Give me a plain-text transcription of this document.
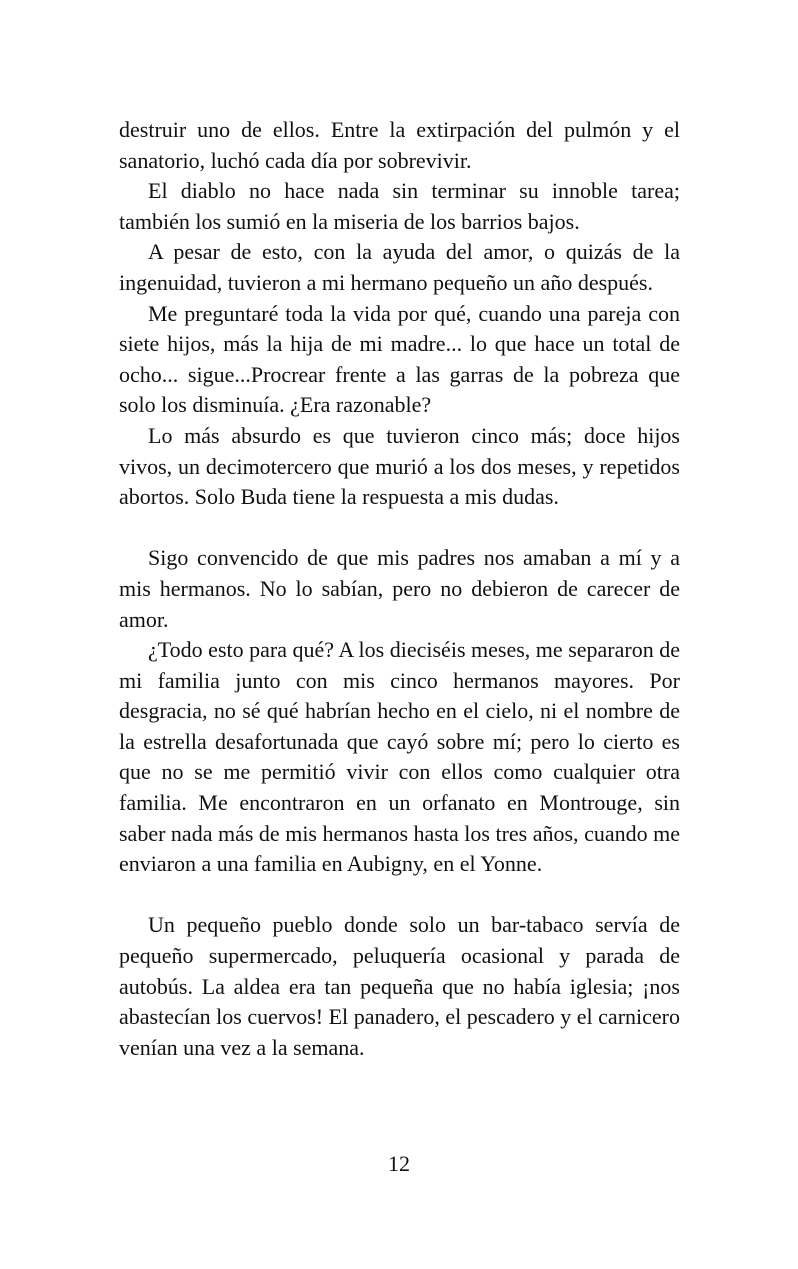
destruir uno de ellos. Entre la extirpación del pulmón y el sanatorio, luchó cada día por sobrevivir.

El diablo no hace nada sin terminar su innoble tarea; también los sumió en la miseria de los barrios bajos.

A pesar de esto, con la ayuda del amor, o quizás de la ingenuidad, tuvieron a mi hermano pequeño un año después.

Me preguntaré toda la vida por qué, cuando una pareja con siete hijos, más la hija de mi madre... lo que hace un total de ocho... sigue...Procrear frente a las garras de la pobreza que solo los disminuía. ¿Era razonable?

Lo más absurdo es que tuvieron cinco más; doce hijos vivos, un decimotercero que murió a los dos meses, y repetidos abortos. Solo Buda tiene la respuesta a mis dudas.

Sigo convencido de que mis padres nos amaban a mí y a mis hermanos. No lo sabían, pero no debieron de carecer de amor.

¿Todo esto para qué? A los dieciséis meses, me separaron de mi familia junto con mis cinco hermanos mayores. Por desgracia, no sé qué habrían hecho en el cielo, ni el nombre de la estrella desafortunada que cayó sobre mí; pero lo cierto es que no se me permitió vivir con ellos como cualquier otra familia. Me encontraron en un orfanato en Montrouge, sin saber nada más de mis hermanos hasta los tres años, cuando me enviaron a una familia en Aubigny, en el Yonne.

Un pequeño pueblo donde solo un bar-tabaco servía de pequeño supermercado, peluquería ocasional y parada de autobús. La aldea era tan pequeña que no había iglesia; ¡nos abastecían los cuervos! El panadero, el pescadero y el carnicero venían una vez a la semana.

12
